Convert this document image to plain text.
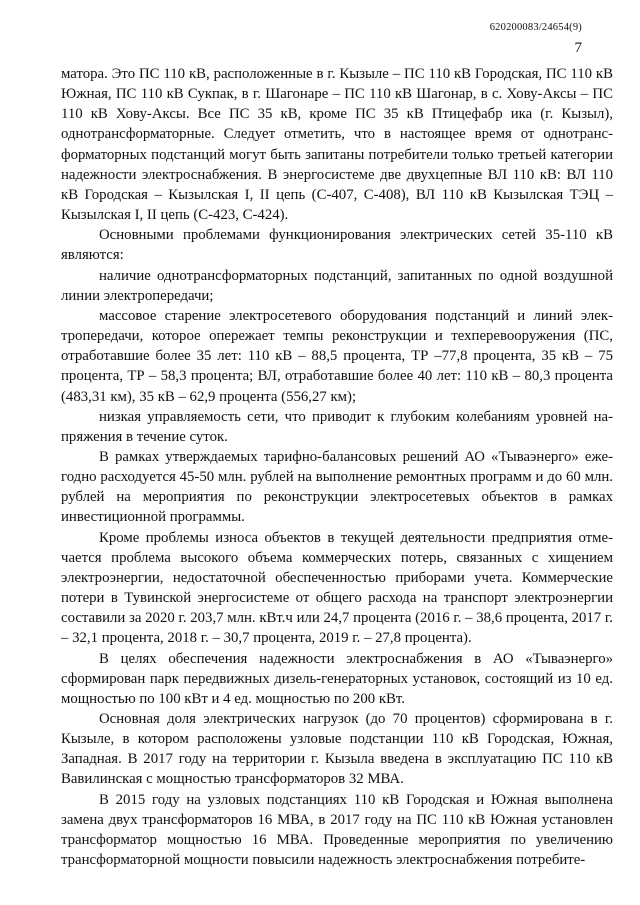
620200083/24654(9)
7

матора. Это ПС 110 кВ, расположенные в г. Кызыле – ПС 110 кВ Городская, ПС 110 кВ Южная, ПС 110 кВ Сукпак, в г. Шагонаре – ПС 110 кВ Шагонар, в с. Хову-Аксы – ПС 110 кВ Хову-Аксы. Все ПС 35 кВ, кроме ПС 35 кВ Птицефабр ика (г. Кызыл), однотрансформаторные. Следует отметить, что в настоящее время от однотрансформаторных подстанций могут быть запитаны потребители только третьей категории надежности электроснабжения. В энергосистеме две двухцепные ВЛ 110 кВ: ВЛ 110 кВ Городская – Кызылская I, II цепь (С-407, С-408), ВЛ 110 кВ Кызылская ТЭЦ – Кызылская I, II цепь (С-423, С-424).

Основными проблемами функционирования электрических сетей 35-110 кВ являются:

наличие однотрансформаторных подстанций, запитанных по одной воздушной линии электропередачи;

массовое старение электросетевого оборудования подстанций и линий электропередачи, которое опережает темпы реконструкции и техперевооружения (ПС, отработавшие более 35 лет: 110 кВ – 88,5 процента, ТР –77,8 процента, 35 кВ – 75 процента, ТР – 58,3 процента; ВЛ, отработавшие более 40 лет: 110 кВ – 80,3 процента (483,31 км), 35 кВ – 62,9 процента (556,27 км);

низкая управляемость сети, что приводит к глубоким колебаниям уровней напряжения в течение суток.

В рамках утверждаемых тарифно-балансовых решений АО «Тываэнерго» ежегодно расходуется 45-50 млн. рублей на выполнение ремонтных программ и до 60 млн. рублей на мероприятия по реконструкции электросетевых объектов в рамках инвестиционной программы.

Кроме проблемы износа объектов в текущей деятельности предприятия отмечается проблема высокого объема коммерческих потерь, связанных с хищением электроэнергии, недостаточной обеспеченностью приборами учета. Коммерческие потери в Тувинской энергосистеме от общего расхода на транспорт электроэнергии составили за 2020 г. 203,7 млн. кВт.ч или 24,7 процента (2016 г. – 38,6 процента, 2017 г. – 32,1 процента, 2018 г. – 30,7 процента, 2019 г. – 27,8 процента).

В целях обеспечения надежности электроснабжения в АО «Тываэнерго» сформирован парк передвижных дизель-генераторных установок, состоящий из 10 ед. мощностью по 100 кВт и 4 ед. мощностью по 200 кВт.

Основная доля электрических нагрузок (до 70 процентов) сформирована в г. Кызыле, в котором расположены узловые подстанции 110 кВ Городская, Южная, Западная. В 2017 году на территории г. Кызыла введена в эксплуатацию ПС 110 кВ Вавилинская с мощностью трансформаторов 32 МВА.

В 2015 году на узловых подстанциях 110 кВ Городская и Южная выполнена замена двух трансформаторов 16 МВА, в 2017 году на ПС 110 кВ Южная установлен трансформатор мощностью 16 МВА. Проведенные мероприятия по увеличению трансформаторной мощности повысили надежность электроснабжения потребите-
